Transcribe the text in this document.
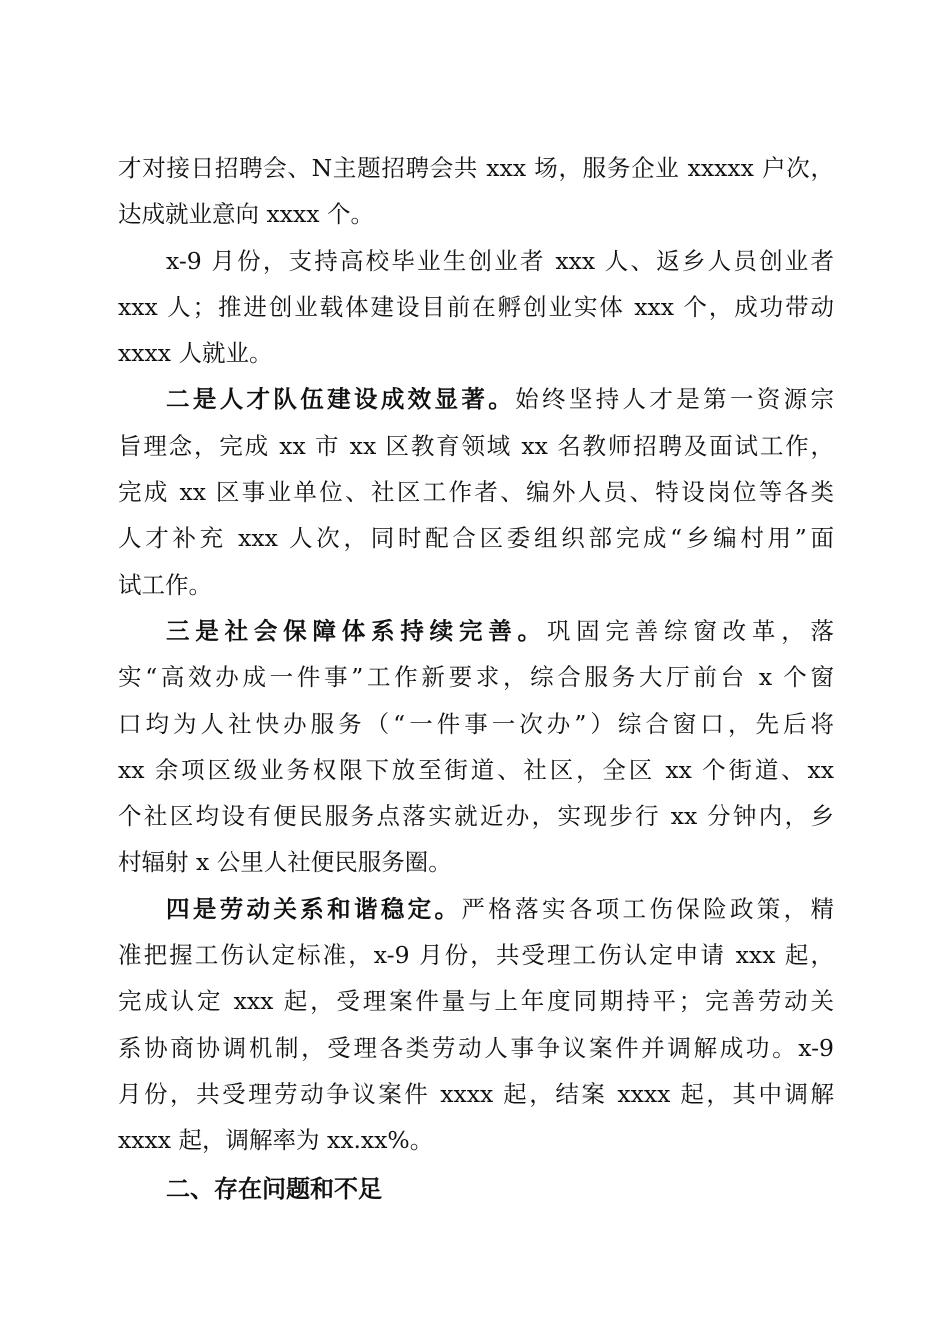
才对接日招聘会、N主题招聘会共 xxx 场，服务企业 xxxxx 户次，
达成就业意向 xxxx 个。
x-9 月份，支持高校毕业生创业者 xxx 人、返乡人员创业者
xxx 人；推进创业载体建设目前在孵创业实体 xxx 个，成功带动
xxxx 人就业。
二是人才队伍建设成效显著。始终坚持人才是第一资源宗
旨理念，完成 xx 市 xx 区教育领域 xx 名教师招聘及面试工作，
完成 xx 区事业单位、社区工作者、编外人员、特设岗位等各类
人才补充 xxx 人次，同时配合区委组织部完成“乡编村用”面
试工作。
三是社会保障体系持续完善。巩固完善综窗改革，落
实“高效办成一件事”工作新要求，综合服务大厅前台 x 个窗
口均为人社快办服务（“一件事一次办”）综合窗口，先后将
xx 余项区级业务权限下放至街道、社区，全区 xx 个街道、xx
个社区均设有便民服务点落实就近办，实现步行 xx 分钟内，乡
村辐射 x 公里人社便民服务圈。
四是劳动关系和谐稳定。严格落实各项工伤保险政策，精
准把握工伤认定标准，x-9 月份，共受理工伤认定申请 xxx 起，
完成认定 xxx 起，受理案件量与上年度同期持平；完善劳动关
系协商协调机制，受理各类劳动人事争议案件并调解成功。x-9
月份，共受理劳动争议案件 xxxx 起，结案 xxxx 起，其中调解
xxxx 起，调解率为 xx.xx%。
二、存在问题和不足
